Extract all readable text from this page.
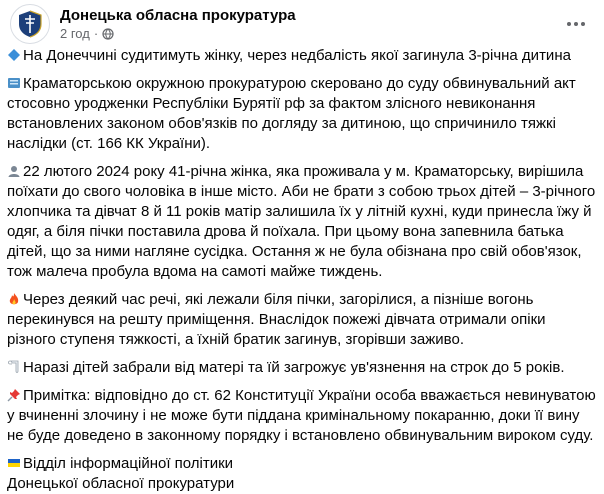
Донецька обласна прокуратура
2 год ·

На Донеччині судитимуть жінку, через недбалість якої загинула 3-річна дитина

Краматорською окружною прокуратурою скеровано до суду обвинувальний акт стосовно уродженки Республіки Бурятії рф за фактом злісного невиконання встановлених законом обов'язків по догляду за дитиною, що спричинило тяжкі наслідки (ст. 166 КК України).

22 лютого 2024 року 41-річна жінка, яка проживала у м. Краматорську, вирішила поїхати до свого чоловіка в інше місто. Аби не брати з собою трьох дітей – 3-річного хлопчика та дівчат 8 й 11 років матір залишила їх у літній кухні, куди принесла їжу й одяг, а біля пічки поставила дрова й поїхала. При цьому вона запевнила батька дітей, що за ними нагляне сусідка. Остання ж не була обізнана про свій обов'язок, тож малеча пробула вдома на самоті майже тиждень.

Через деякий час речі, які лежали біля пічки, загорілися, а пізніше вогонь перекинувся на решту приміщення. Внаслідок пожежі дівчата отримали опіки різного ступеня тяжкості, а їхній братик загинув, згорівши заживо.

Наразі дітей забрали від матері та їй загрожує ув'язнення на строк до 5 років.

Примітка: відповідно до ст. 62 Конституції України особа вважається невинуватою у вчиненні злочину і не може бути піддана кримінальному покаранню, доки її вину не буде доведено в законному порядку і встановлено обвинувальним вироком суду.

Відділ інформаційної політики

Донецької обласної прокуратури
